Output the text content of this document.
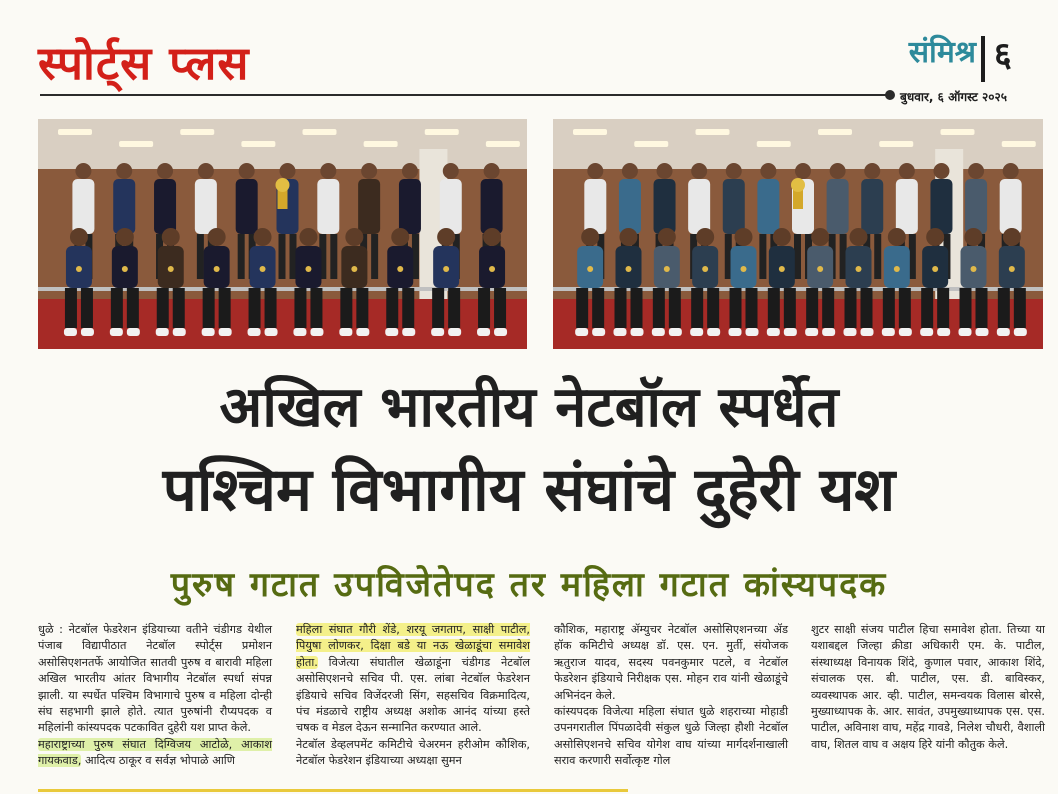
स्पोर्ट्स प्लस	संमिश्र ६
बुधवार, ६ ऑगस्ट २०२५
अखिल भारतीय नेटबॉल स्पर्धेत
पश्चिम विभागीय संघांचे दुहेरी यश
पुरुष गटात उपविजेतेपद तर महिला गटात कांस्यपदक
धुळे : नेटबॉल फेडरेशन इंडियाच्या वतीने चंडीगड येथील पंजाब विद्यापीठात नेटबॉल स्पोर्ट्स प्रमोशन असोसिएशनतर्फे आयोजित सातवी पुरुष व बारावी महिला अखिल भारतीय आंतर विभागीय नेटबॉल स्पर्धा संपन्न झाली. या स्पर्धेत पश्चिम विभागाचे पुरुष व महिला दोन्ही संघ सहभागी झाले होते. त्यात पुरुषांनी रौप्यपदक व महिलांनी कांस्यपदक पटकावित दुहेरी यश प्राप्त केले.
महाराष्ट्राच्या पुरुष संघात दिग्विजय आटोळे, आकाश गायकवाड, आदित्य ठाकूर व सर्वज्ञ भोपाळे आणि
महिला संघात गौरी शेंडे, शरयू जगताप, साक्षी पाटील, पियुषा लोणकर, दिक्षा बडे या नऊ खेळाडूंचा समावेश होता. विजेत्या संघातील खेळाडूंना चंडीगड नेटबॉल असोसिएशनचे सचिव पी. एस. लांबा नेटबॉल फेडरेशन इंडियाचे सचिव विजेंदरजी सिंग, सहसचिव विक्रमादित्य, पंच मंडळाचे राष्ट्रीय अध्यक्ष अशोक आनंद यांच्या हस्ते चषक व मेडल देऊन सन्मानित करण्यात आले.
नेटबॉल डेव्हलपमेंट कमिटीचे चेअरमन हरीओम कौशिक, नेटबॉल फेडरेशन इंडियाच्या अध्यक्षा सुमन
कौशिक, महाराष्ट्र ॲम्युचर नेटबॉल असोसिएशनच्या ॲड हॉक कमिटीचे अध्यक्ष डॉ. एस. एन. मुर्ती, संयोजक ऋतुराज यादव, सदस्य पवनकुमार पटले, व नेटबॉल फेडरेशन इंडियाचे निरीक्षक एस. मोहन राव यांनी खेळाडूंचे अभिनंदन केले.
कांस्यपदक विजेत्या महिला संघात धुळे शहराच्या मोहाडी उपनगरातील पिंपळादेवी संकुल धुळे जिल्हा हौशी नेटबॉल असोसिएशनचे सचिव योगेश वाघ यांच्या मार्गदर्शनाखाली सराव करणारी सर्वोत्कृष्ट गोल
शुटर साक्षी संजय पाटील हिचा समावेश होता. तिच्या या यशाबद्दल जिल्हा क्रीडा अधिकारी एम. के. पाटील, संस्थाध्यक्ष विनायक शिंदे, कुणाल पवार, आकाश शिंदे, संचालक एस. बी. पाटील, एस. डी. बाविस्कर, व्यवस्थापक आर. व्ही. पाटील, समन्वयक विलास बोरसे, मुख्याध्यापक के. आर. सावंत, उपमुख्याध्यापक एस. एस. पाटील, अविनाश वाघ, महेंद्र गावडे, निलेश चौधरी, वैशाली वाघ, शितल वाघ व अक्षय हिरे यांनी कौतुक केले.
